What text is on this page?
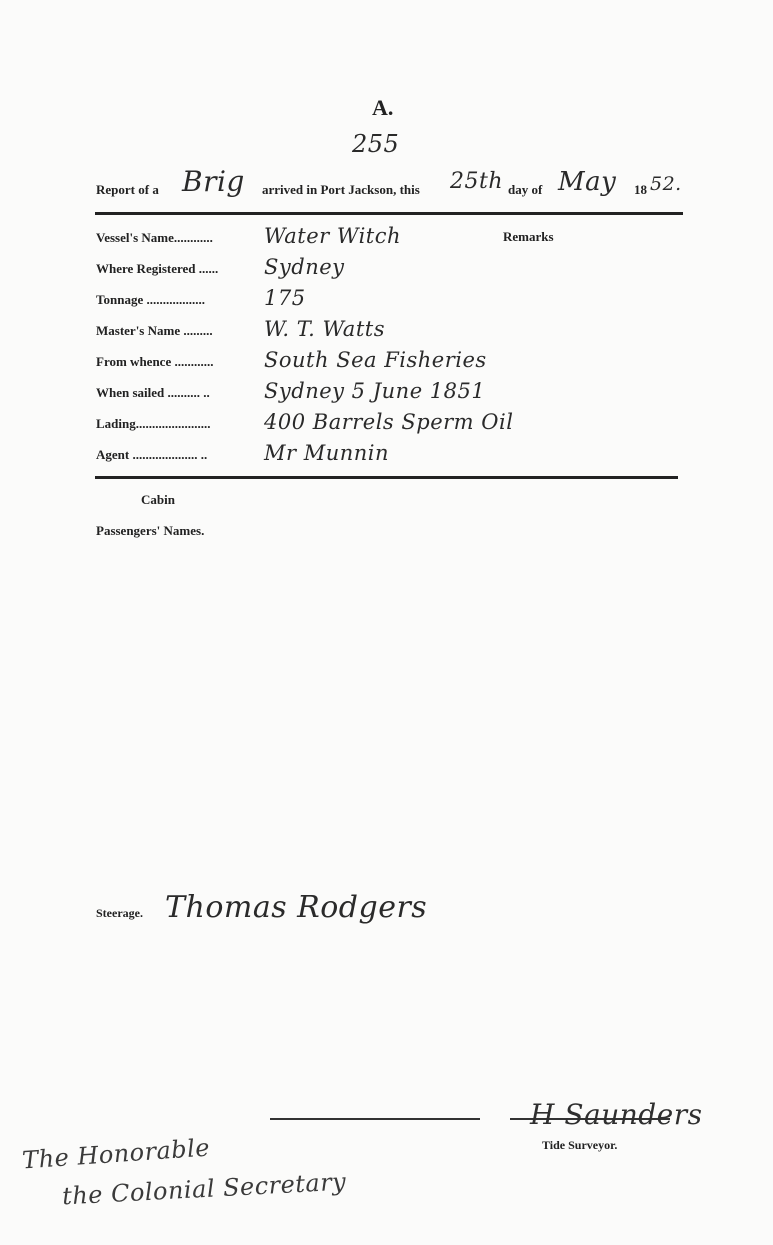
A.
255
Report of a Brig arrived in Port Jackson, this 25th day of May 18 52.
Remarks
Vessel's Name............ Water Witch
Where Registered ...... Sydney
Tonnage ..................	175
Master's Name ......... W. T. Watts
From whence ............ South Sea Fisheries
When sailed .......... ..	Sydney 5 June 1851
Lading.......................	400 Barrels Sperm Oil
Agent .................... ..	Mr Munnin
Cabin
Passengers' Names.
Steerage. Thomas Rodgers
H Saunders
Tide Surveyor.
The Honorable
the Colonial Secretary
